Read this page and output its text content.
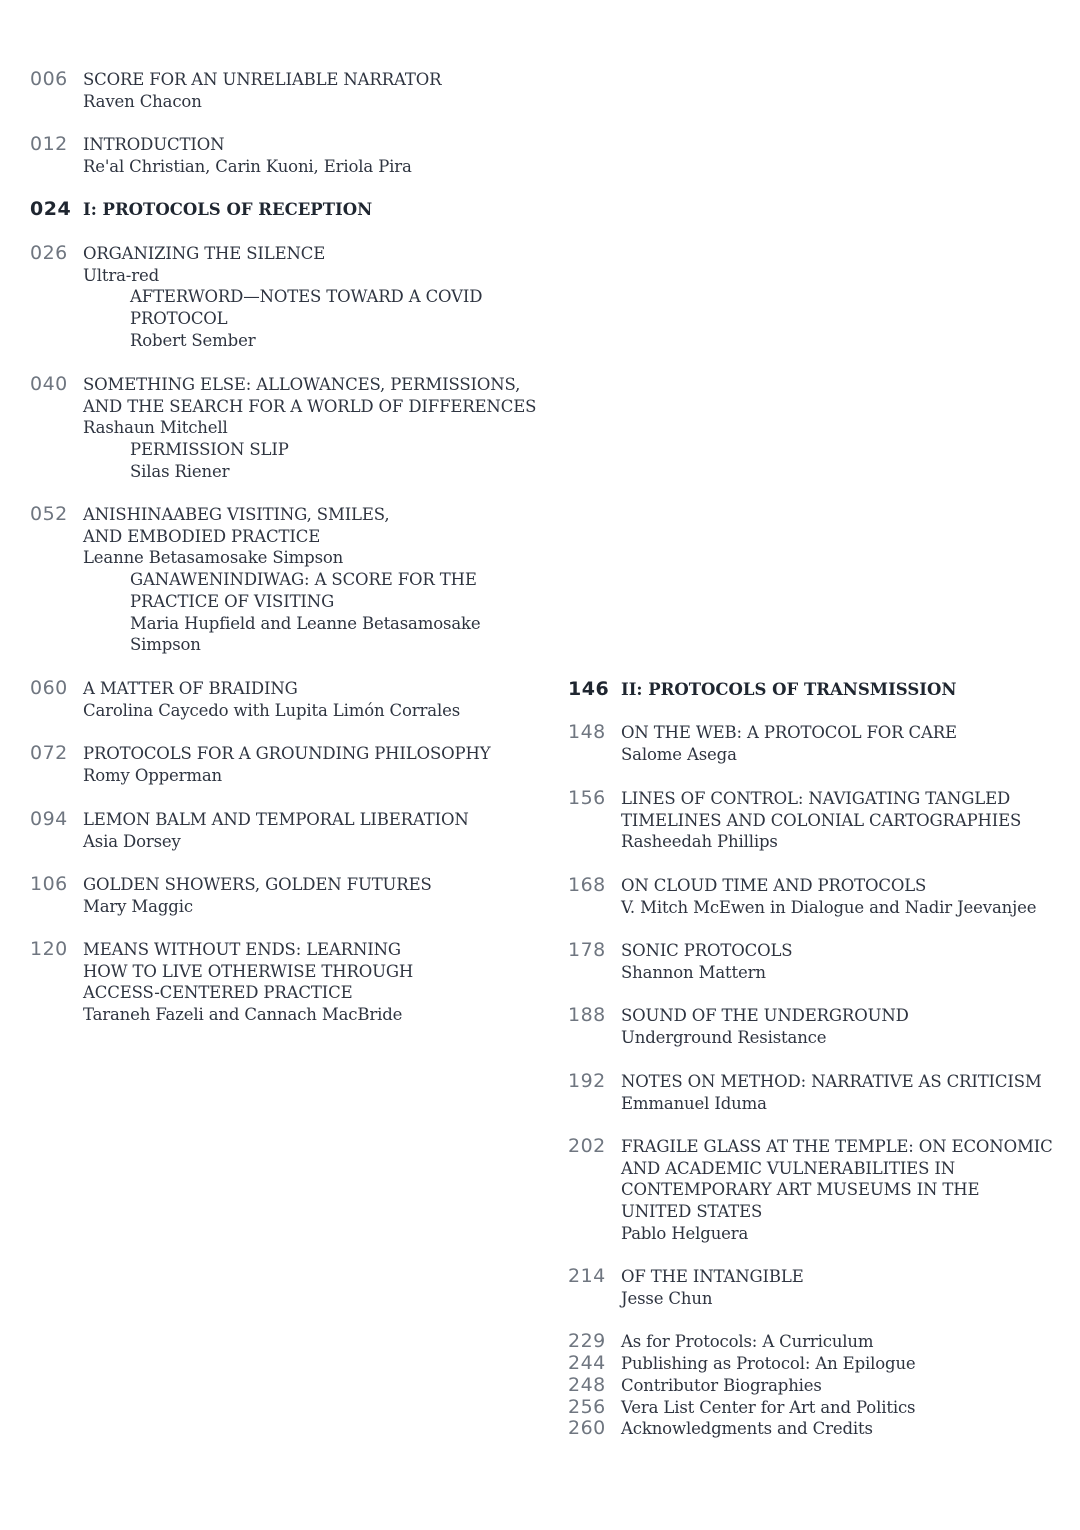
006 SCORE FOR AN UNRELIABLE NARRATOR
Raven Chacon
012 INTRODUCTION
Re'al Christian, Carin Kuoni, Eriola Pira
024 I: PROTOCOLS OF RECEPTION
026 ORGANIZING THE SILENCE
Ultra-red
AFTERWORD—NOTES TOWARD A COVID
PROTOCOL
Robert Sember
040 SOMETHING ELSE: ALLOWANCES, PERMISSIONS,
AND THE SEARCH FOR A WORLD OF DIFFERENCES
Rashaun Mitchell
PERMISSION SLIP
Silas Riener
052 ANISHINAABEG VISITING, SMILES,
AND EMBODIED PRACTICE
Leanne Betasamosake Simpson
GANAWENINDIWAG: A SCORE FOR THE
PRACTICE OF VISITING
Maria Hupfield and Leanne Betasamosake
Simpson
060 A MATTER OF BRAIDING
Carolina Caycedo with Lupita Limón Corrales
072 PROTOCOLS FOR A GROUNDING PHILOSOPHY
Romy Opperman
094 LEMON BALM AND TEMPORAL LIBERATION
Asia Dorsey
106 GOLDEN SHOWERS, GOLDEN FUTURES
Mary Maggic
120 MEANS WITHOUT ENDS: LEARNING
HOW TO LIVE OTHERWISE THROUGH
ACCESS-CENTERED PRACTICE
Taraneh Fazeli and Cannach MacBride
146 II: PROTOCOLS OF TRANSMISSION
148 ON THE WEB: A PROTOCOL FOR CARE
Salome Asega
156 LINES OF CONTROL: NAVIGATING TANGLED
TIMELINES AND COLONIAL CARTOGRAPHIES
Rasheedah Phillips
168 ON CLOUD TIME AND PROTOCOLS
V. Mitch McEwen in Dialogue and Nadir Jeevanjee
178 SONIC PROTOCOLS
Shannon Mattern
188 SOUND OF THE UNDERGROUND
Underground Resistance
192 NOTES ON METHOD: NARRATIVE AS CRITICISM
Emmanuel Iduma
202 FRAGILE GLASS AT THE TEMPLE: ON ECONOMIC
AND ACADEMIC VULNERABILITIES IN
CONTEMPORARY ART MUSEUMS IN THE
UNITED STATES
Pablo Helguera
214 OF THE INTANGIBLE
Jesse Chun
229 As for Protocols: A Curriculum
244 Publishing as Protocol: An Epilogue
248 Contributor Biographies
256 Vera List Center for Art and Politics
260 Acknowledgments and Credits
